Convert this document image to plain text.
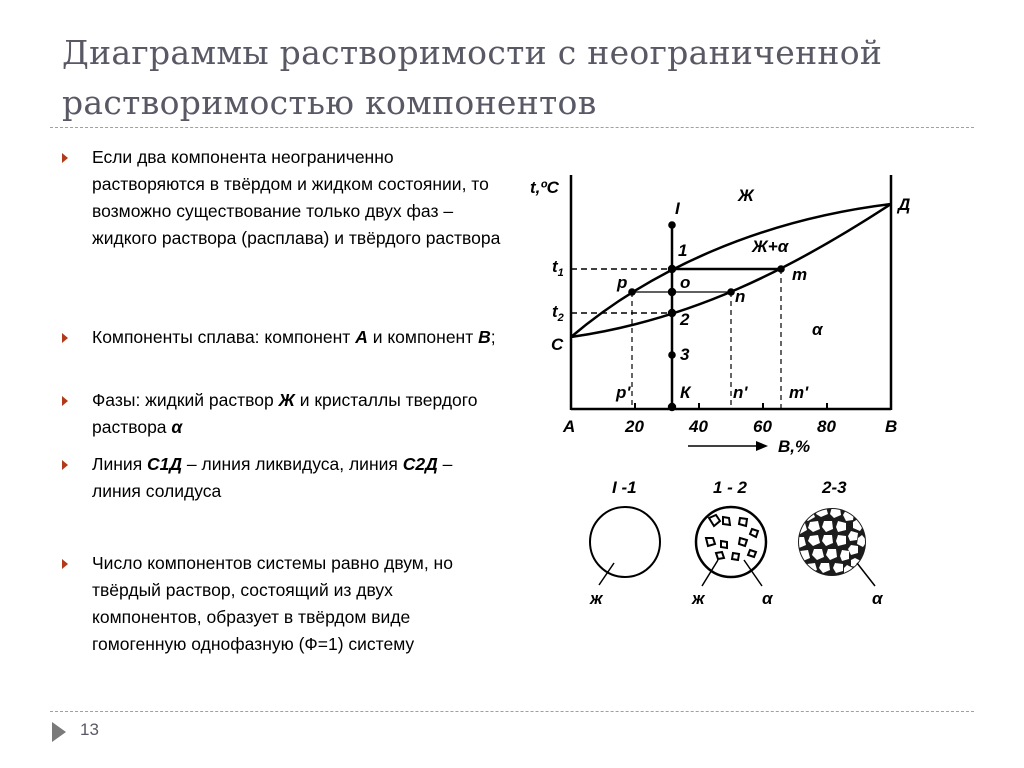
Диаграммы растворимости с неограниченной растворимостью компонентов
Если два компонента неограниченно растворяются в твёрдом и жидком состоянии, то возможно существование только двух фаз – жидкого раствора (расплава) и твёрдого раствора
Компоненты сплава: компонент А и компонент В;
Фазы: жидкий раствор Ж и кристаллы твердого раствора α
Линия С1Д – линия ликвидуса, линия С2Д – линия солидуса
Число компонентов системы равно двум, но твёрдый раствор, состоящий из двух компонентов, образует в твёрдом виде гомогенную однофазную (Ф=1) систему
t,ºC
$t_1$
$t_2$
С
Д
А	В
20	40	60	80
В,%
Ж
Ж+α
α
I
1
o
2
3
К
p	m
n
p'	n' m'
I -1
ж
1 - 2
ж	α
2-3
α
13
